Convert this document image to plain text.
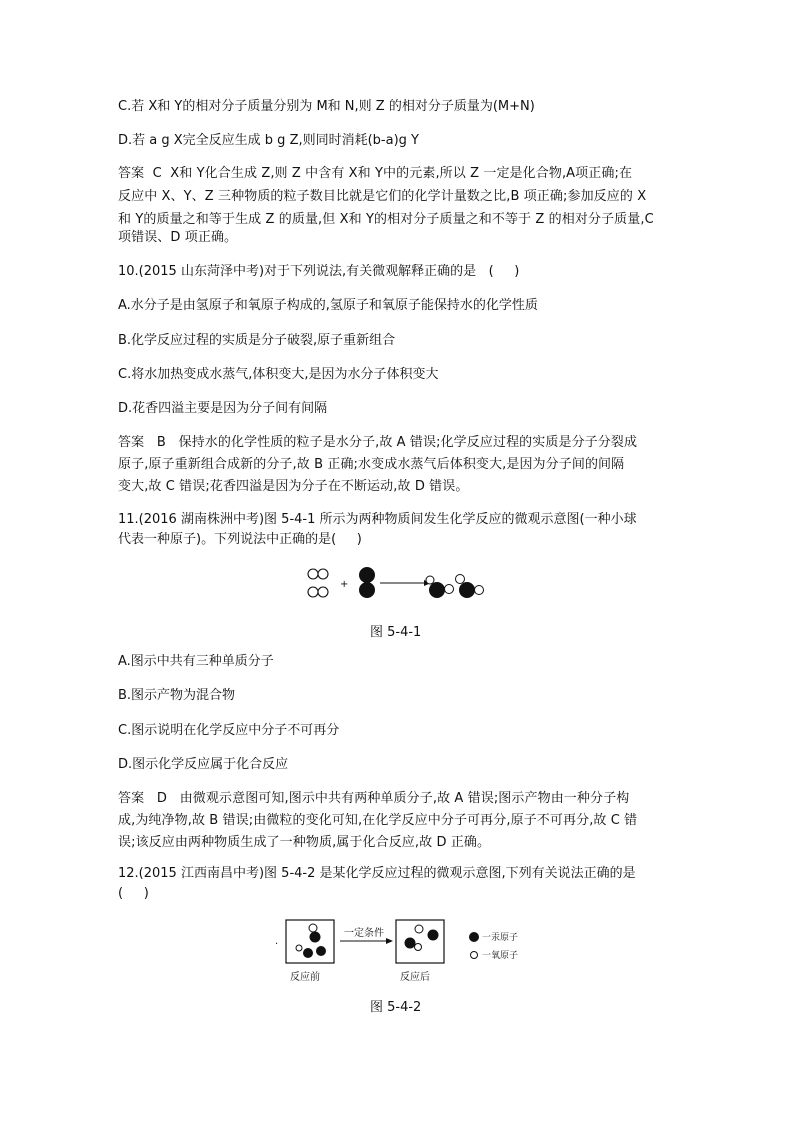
C.若 X和 Y的相对分子质量分别为 M和 N,则 Z 的相对分子质量为(M+N)
D.若 a g X完全反应生成 b g Z,则同时消耗(b-a)g Y
答案  C  X和 Y化合生成 Z,则 Z 中含有 X和 Y中的元素,所以 Z 一定是化合物,A项正确;在
反应中 X、Y、Z 三种物质的粒子数目比就是它们的化学计量数之比,B 项正确;参加反应的 X
和 Y的质量之和等于生成 Z 的质量,但 X和 Y的相对分子质量之和不等于 Z 的相对分子质量,C
项错误、D 项正确。
10.(2015 山东菏泽中考)对于下列说法,有关微观解释正确的是   (     )
A.水分子是由氢原子和氧原子构成的,氢原子和氧原子能保持水的化学性质
B.化学反应过程的实质是分子破裂,原子重新组合
C.将水加热变成水蒸气,体积变大,是因为水分子体积变大
D.花香四溢主要是因为分子间有间隔
答案   B   保持水的化学性质的粒子是水分子,故 A 错误;化学反应过程的实质是分子分裂成
原子,原子重新组合成新的分子,故 B 正确;水变成水蒸气后体积变大,是因为分子间的间隔
变大,故 C 错误;花香四溢是因为分子在不断运动,故 D 错误。
11.(2016 湖南株洲中考)图 5-4-1 所示为两种物质间发生化学反应的微观示意图(一种小球
代表一种原子)。下列说法中正确的是(     )
+
图 5-4-1
A.图示中共有三种单质分子
B.图示产物为混合物
C.图示说明在化学反应中分子不可再分
D.图示化学反应属于化合反应
答案   D   由微观示意图可知,图示中共有两种单质分子,故 A 错误;图示产物由一种分子构
成,为纯净物,故 B 错误;由微粒的变化可知,在化学反应中分子可再分,原子不可再分,故 C 错
误;该反应由两种物质生成了一种物质,属于化合反应,故 D 正确。
12.(2015 江西南昌中考)图 5-4-2 是某化学反应过程的微观示意图,下列有关说法正确的是
(     )
.
反应前
一定条件
反应后
一汞原子
一氧原子
图 5-4-2
